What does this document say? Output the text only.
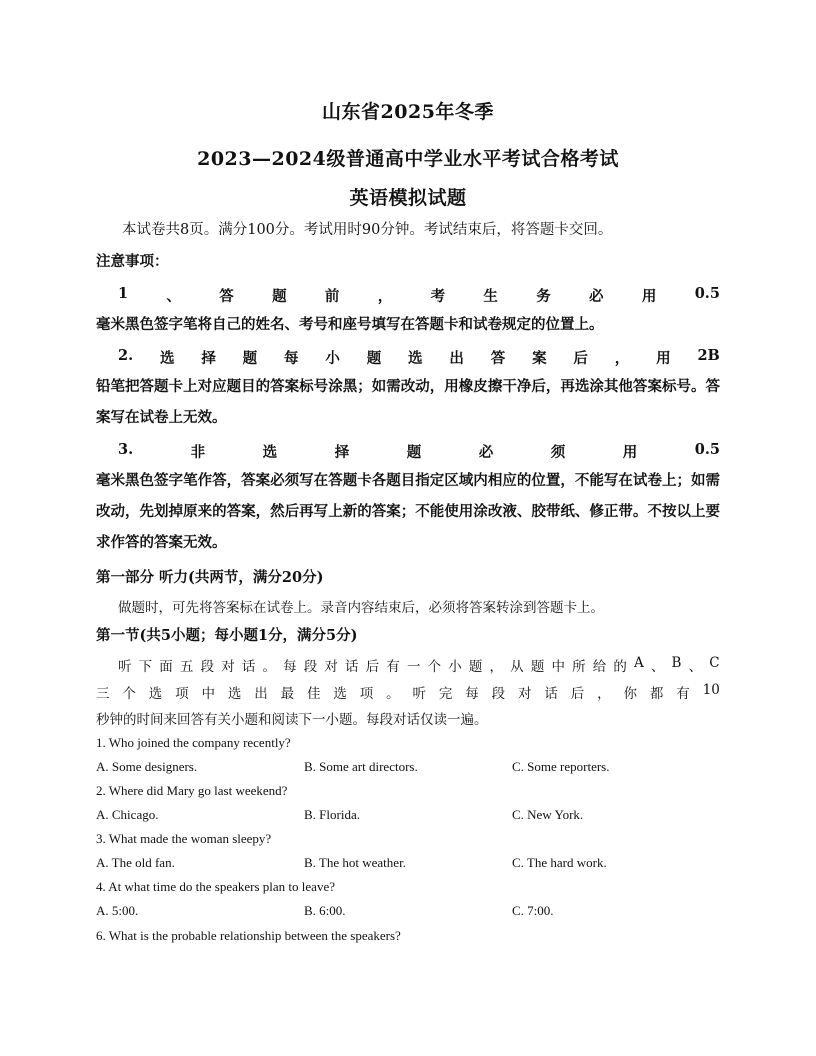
山东省2025年冬季
2023—2024级普通高中学业水平考试合格考试
英语模拟试题
本试卷共8页。满分100分。考试用时90分钟。考试结束后，将答题卡交回。
注意事项：
1	、	答	题	前	，	考	生	务	必	用	0.5
毫米黑色签字笔将自己的姓名、考号和座号填写在答题卡和试卷规定的位置上。
2. 选 择 题 每 小 题 选 出 答 案 后 ， 用 2B
铅笔把答题卡上对应题目的答案标号涂黑；如需改动，用橡皮擦干净后，再选涂其他答案标号。答案写在试卷上无效。
3.	非	选	择	题	必	须	用	0.5
毫米黑色签字笔作答，答案必须写在答题卡各题目指定区域内相应的位置，不能写在试卷上；如需改动，先划掉原来的答案，然后再写上新的答案；不能使用涂改液、胶带纸、修正带。不按以上要求作答的答案无效。
第一部分 听力(共两节，满分20分)
做题时，可先将答案标在试卷上。录音内容结束后，必须将答案转涂到答题卡上。
第一节(共5小题；每小题1分，满分5分)
听 下 面 五 段 对 话 。 每 段 对 话 后 有 一 个 小 题 ， 从 题 中 所 给 的 A 、 B 、 C
三 个 选 项 中 选 出 最 佳 选 项 。 听 完 每 段 对 话 后 ， 你 都 有 10
秒钟的时间来回答有关小题和阅读下一小题。每段对话仅读一遍。
1. Who joined the company recently?
A. Some designers.	B. Some art directors.	C. Some reporters.
2. Where did Mary go last weekend?
A. Chicago.	B. Florida.	C. New York.
3. What made the woman sleepy?
A. The old fan.	B. The hot weather.	C. The hard work.
4. At what time do the speakers plan to leave?
A. 5:00.	B. 6:00.	C. 7:00.
6. What is the probable relationship between the speakers?
